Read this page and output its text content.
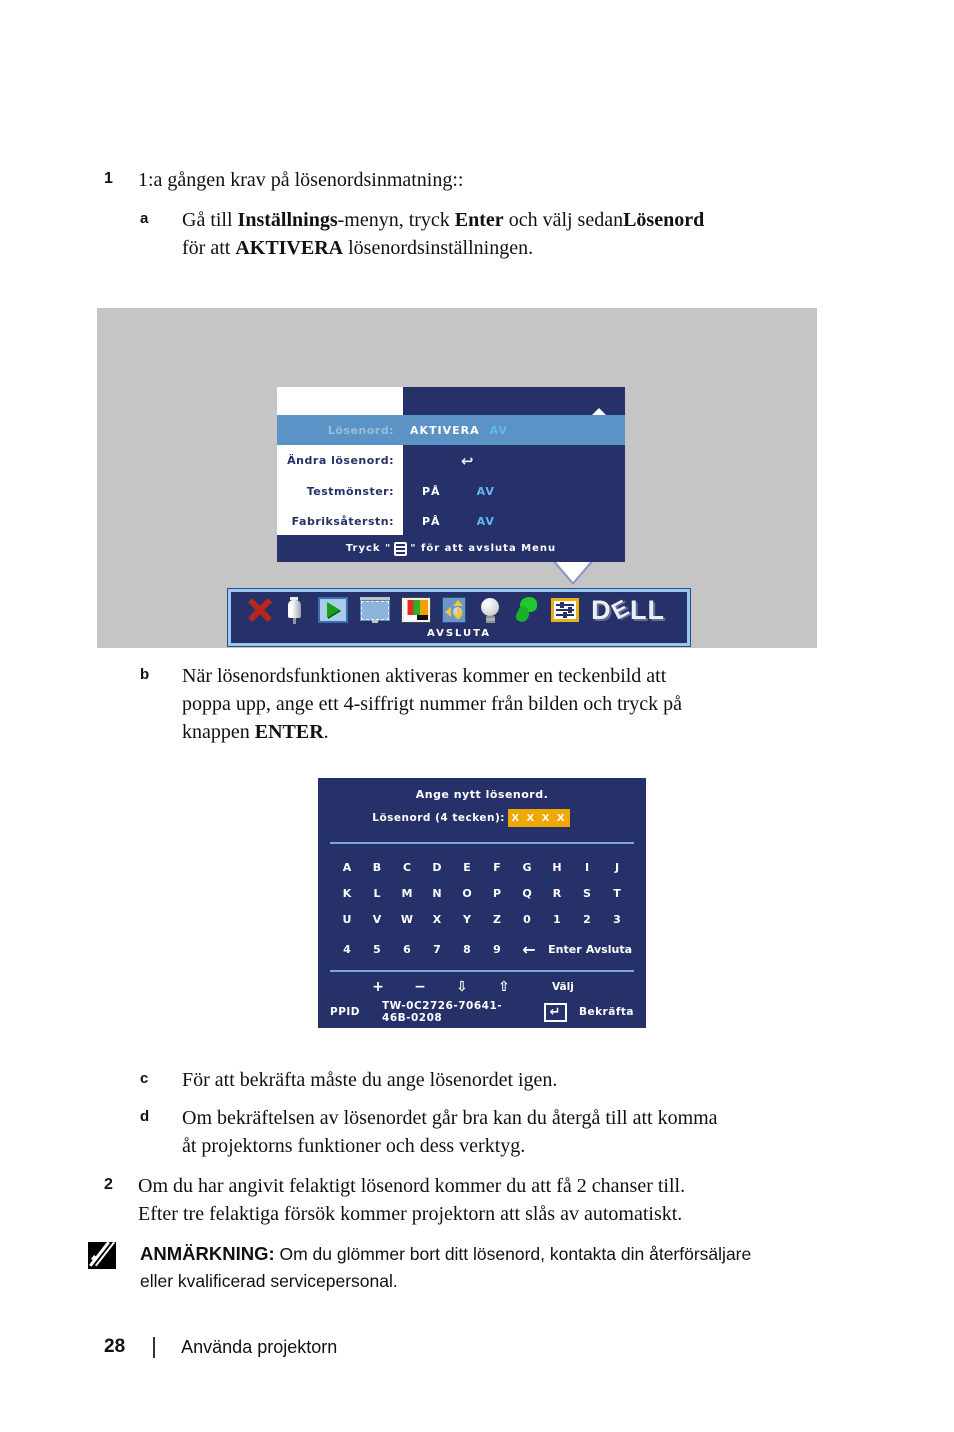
1	1:a gången krav på lösenordsinmatning::
a	Gå till Inställnings-menyn, tryck Enter och välj sedanLösenord
för att AKTIVERA lösenordsinställningen.
Lösenord:	AKTIVERA AV
Ändra lösenord:	↩
Testmönster:	PÅ	AV
Fabriksåterstn:	PÅ	AV
Tryck " " för att avsluta Menu
D
E
L L
AVSLUTA
b	När lösenordsfunktionen aktiveras kommer en teckenbild att
poppa upp, ange ett 4-siffrigt nummer från bilden och tryck på
knappen ENTER.
Ange nytt lösenord.
Lösenord (4 tecken): X X X X
A	B	C	D	E	F	G	H	I	J
K	L	M	N	O	P	Q	R	S	T
U	V	W	X	Y	Z	0	1	2	3
4	5	6	7	8	9	←	Enter Avsluta
+ − ⇩ ⇧	Välj
PPID TW-0C2726-70641-46B-0208	↵ Bekräfta
c	För att bekräfta måste du ange lösenordet igen.
d	Om bekräftelsen av lösenordet går bra kan du återgå till att komma
åt projektorns funktioner och dess verktyg.
2	Om du har angivit felaktigt lösenord kommer du att få 2 chanser till.
Efter tre felaktiga försök kommer projektorn att slås av automatiskt.
ANMÄRKNING: Om du glömmer bort ditt lösenord, kontakta din återförsäljare
eller kvalificerad servicepersonal.
28	Använda projektorn
